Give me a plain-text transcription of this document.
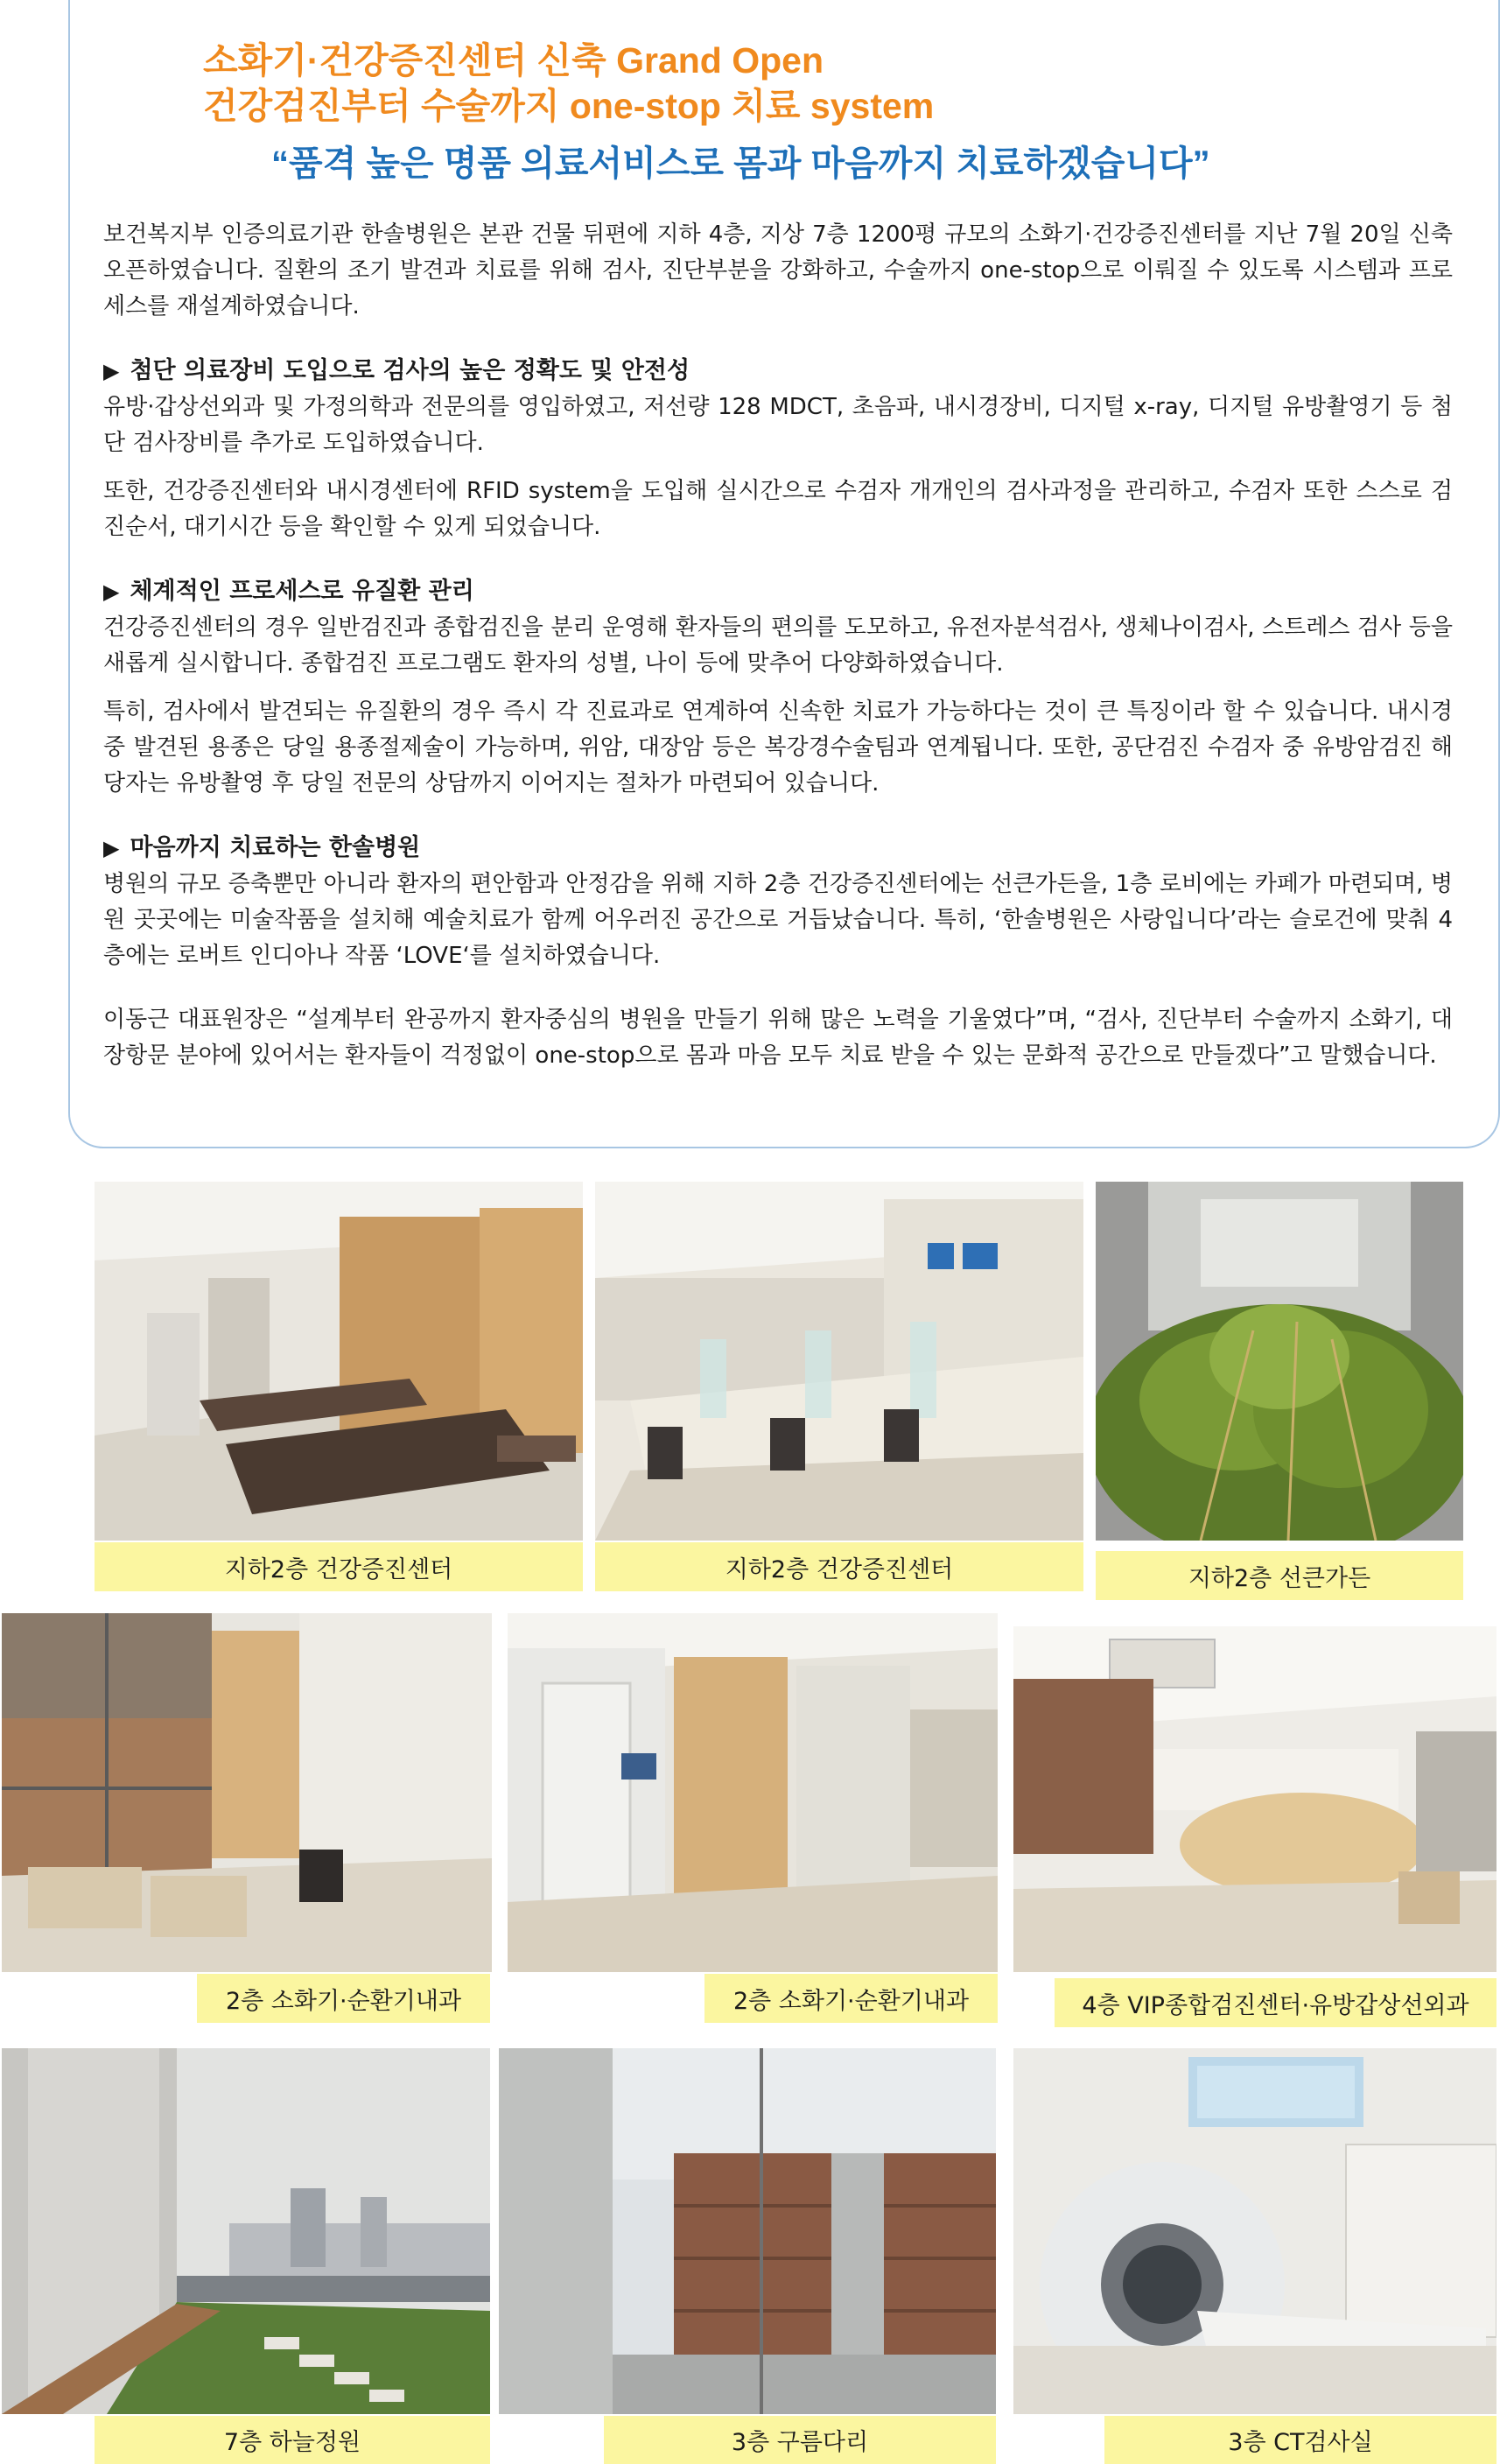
소화기·건강증진센터 신축 Grand Open
건강검진부터 수술까지 one-stop 치료 system
“품격 높은 명품 의료서비스로 몸과 마음까지 치료하겠습니다”

보건복지부 인증의료기관 한솔병원은 본관 건물 뒤편에 지하 4층, 지상 7층 1200평 규모의 소화기·건강증진센터를 지난 7월 20일 신축 오픈하였습니다. 질환의 조기 발견과 치료를 위해 검사, 진단부분을 강화하고, 수술까지 one-stop으로 이뤄질 수 있도록 시스템과 프로세스를 재설계하였습니다.

▶ 첨단 의료장비 도입으로 검사의 높은 정확도 및 안전성

유방·갑상선외과 및 가정의학과 전문의를 영입하였고, 저선량 128 MDCT, 초음파, 내시경장비, 디지털 x-ray, 디지털 유방촬영기 등 첨단 검사장비를 추가로 도입하였습니다.

또한, 건강증진센터와 내시경센터에 RFID system을 도입해 실시간으로 수검자 개개인의 검사과정을 관리하고, 수검자 또한 스스로 검진순서, 대기시간 등을 확인할 수 있게 되었습니다.

▶ 체계적인 프로세스로 유질환 관리

건강증진센터의 경우 일반검진과 종합검진을 분리 운영해 환자들의 편의를 도모하고, 유전자분석검사, 생체나이검사, 스트레스 검사 등을 새롭게 실시합니다. 종합검진 프로그램도 환자의 성별, 나이 등에 맞추어 다양화하였습니다.

특히, 검사에서 발견되는 유질환의 경우 즉시 각 진료과로 연계하여 신속한 치료가 가능하다는 것이 큰 특징이라 할 수 있습니다. 내시경 중 발견된 용종은 당일 용종절제술이 가능하며, 위암, 대장암 등은 복강경수술팀과 연계됩니다. 또한, 공단검진 수검자 중 유방암검진 해당자는 유방촬영 후 당일 전문의 상담까지 이어지는 절차가 마련되어 있습니다.

▶ 마음까지 치료하는 한솔병원

병원의 규모 증축뿐만 아니라 환자의 편안함과 안정감을 위해 지하 2층 건강증진센터에는 선큰가든을, 1층 로비에는 카페가 마련되며, 병원 곳곳에는 미술작품을 설치해 예술치료가 함께 어우러진 공간으로 거듭났습니다. 특히, ‘한솔병원은 사랑입니다’라는 슬로건에 맞춰 4층에는 로버트 인디아나 작품 ‘LOVE‘를 설치하였습니다.

이동근 대표원장은 “설계부터 완공까지 환자중심의 병원을 만들기 위해 많은 노력을 기울였다”며, “검사, 진단부터 수술까지 소화기, 대장항문 분야에 있어서는 환자들이 걱정없이 one-stop으로 몸과 마음 모두 치료 받을 수 있는 문화적 공간으로 만들겠다”고 말했습니다.

지하2층 건강증진센터	지하2층 건강증진센터	지하2층 선큰가든
2층 소화기·순환기내과	2층 소화기·순환기내과	4층 VIP종합검진센터·유방갑상선외과
7층 하늘정원	3층 구름다리	3층 CT검사실
